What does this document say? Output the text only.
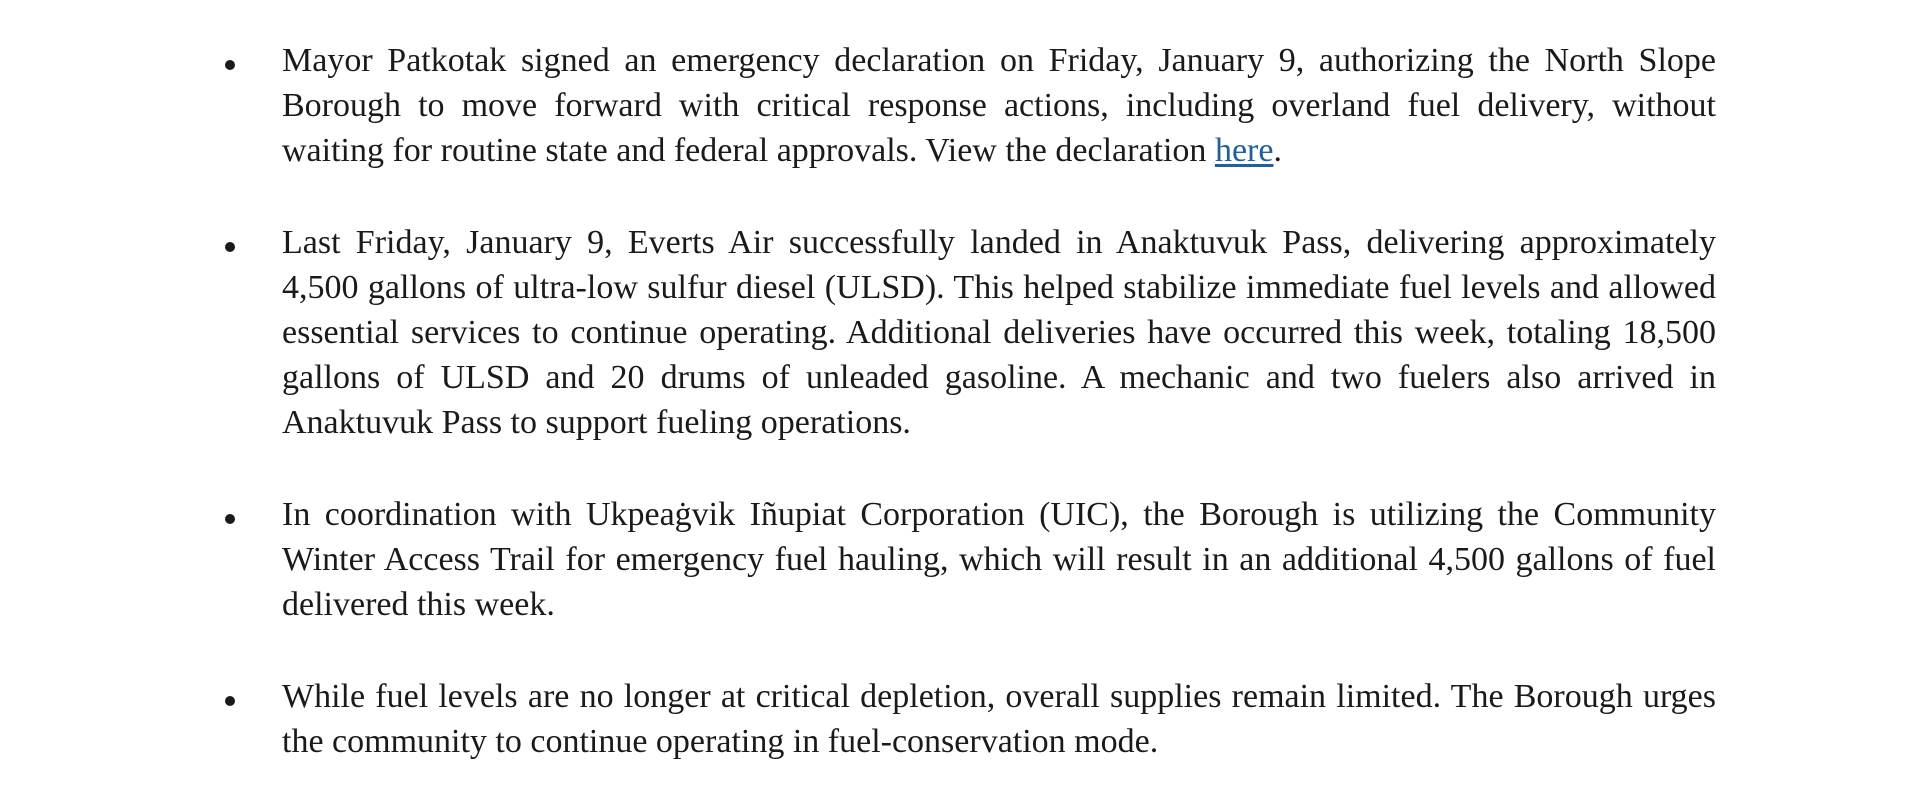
Mayor Patkotak signed an emergency declaration on Friday, January 9, authorizing the North Slope Borough to move forward with critical response actions, including overland fuel delivery, without waiting for routine state and federal approvals. View the declaration here.
Last Friday, January 9, Everts Air successfully landed in Anaktuvuk Pass, delivering approximately 4,500 gallons of ultra-low sulfur diesel (ULSD). This helped stabilize immediate fuel levels and allowed essential services to continue operating. Additional deliveries have occurred this week, totaling 18,500 gallons of ULSD and 20 drums of unleaded gasoline. A mechanic and two fuelers also arrived in Anaktuvuk Pass to support fueling operations.
In coordination with Ukpeaġvik Iñupiat Corporation (UIC), the Borough is utilizing the Community Winter Access Trail for emergency fuel hauling, which will result in an additional 4,500 gallons of fuel delivered this week.
While fuel levels are no longer at critical depletion, overall supplies remain limited. The Borough urges the community to continue operating in fuel-conservation mode.
